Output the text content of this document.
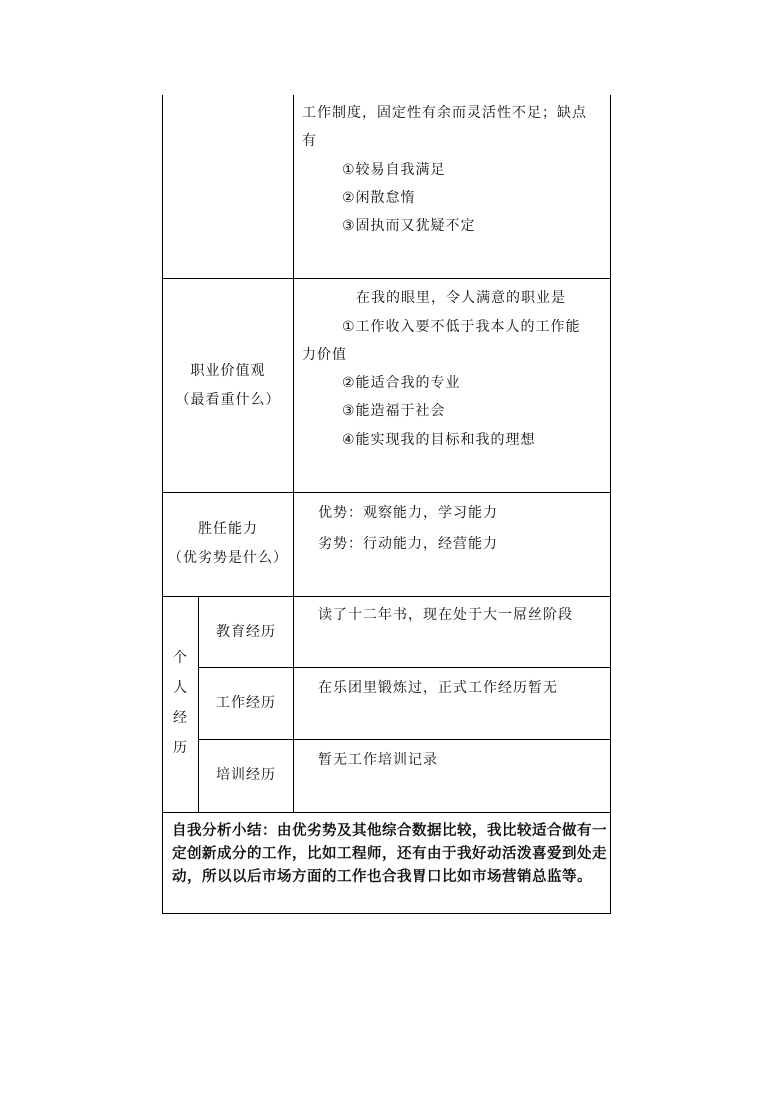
工作制度，固定性有余而灵活性不足；缺点
有
①较易自我满足
②闲散怠惰
③固执而又犹疑不定
职业价值观
（最看重什么）
在我的眼里，令人满意的职业是
①工作收入要不低于我本人的工作能
力价值
②能适合我的专业
③能造福于社会
④能实现我的目标和我的理想
胜任能力
（优劣势是什么）
优势：观察能力，学习能力
劣势：行动能力，经营能力
个
人
经
历
教育经历
读了十二年书，现在处于大一屌丝阶段
工作经历
在乐团里锻炼过，正式工作经历暂无
培训经历
暂无工作培训记录
自我分析小结：由优劣势及其他综合数据比较，我比较适合做有一定创新成分的工作，比如工程师，还有由于我好动活泼喜爱到处走动，所以以后市场方面的工作也合我胃口比如市场营销总监等。
